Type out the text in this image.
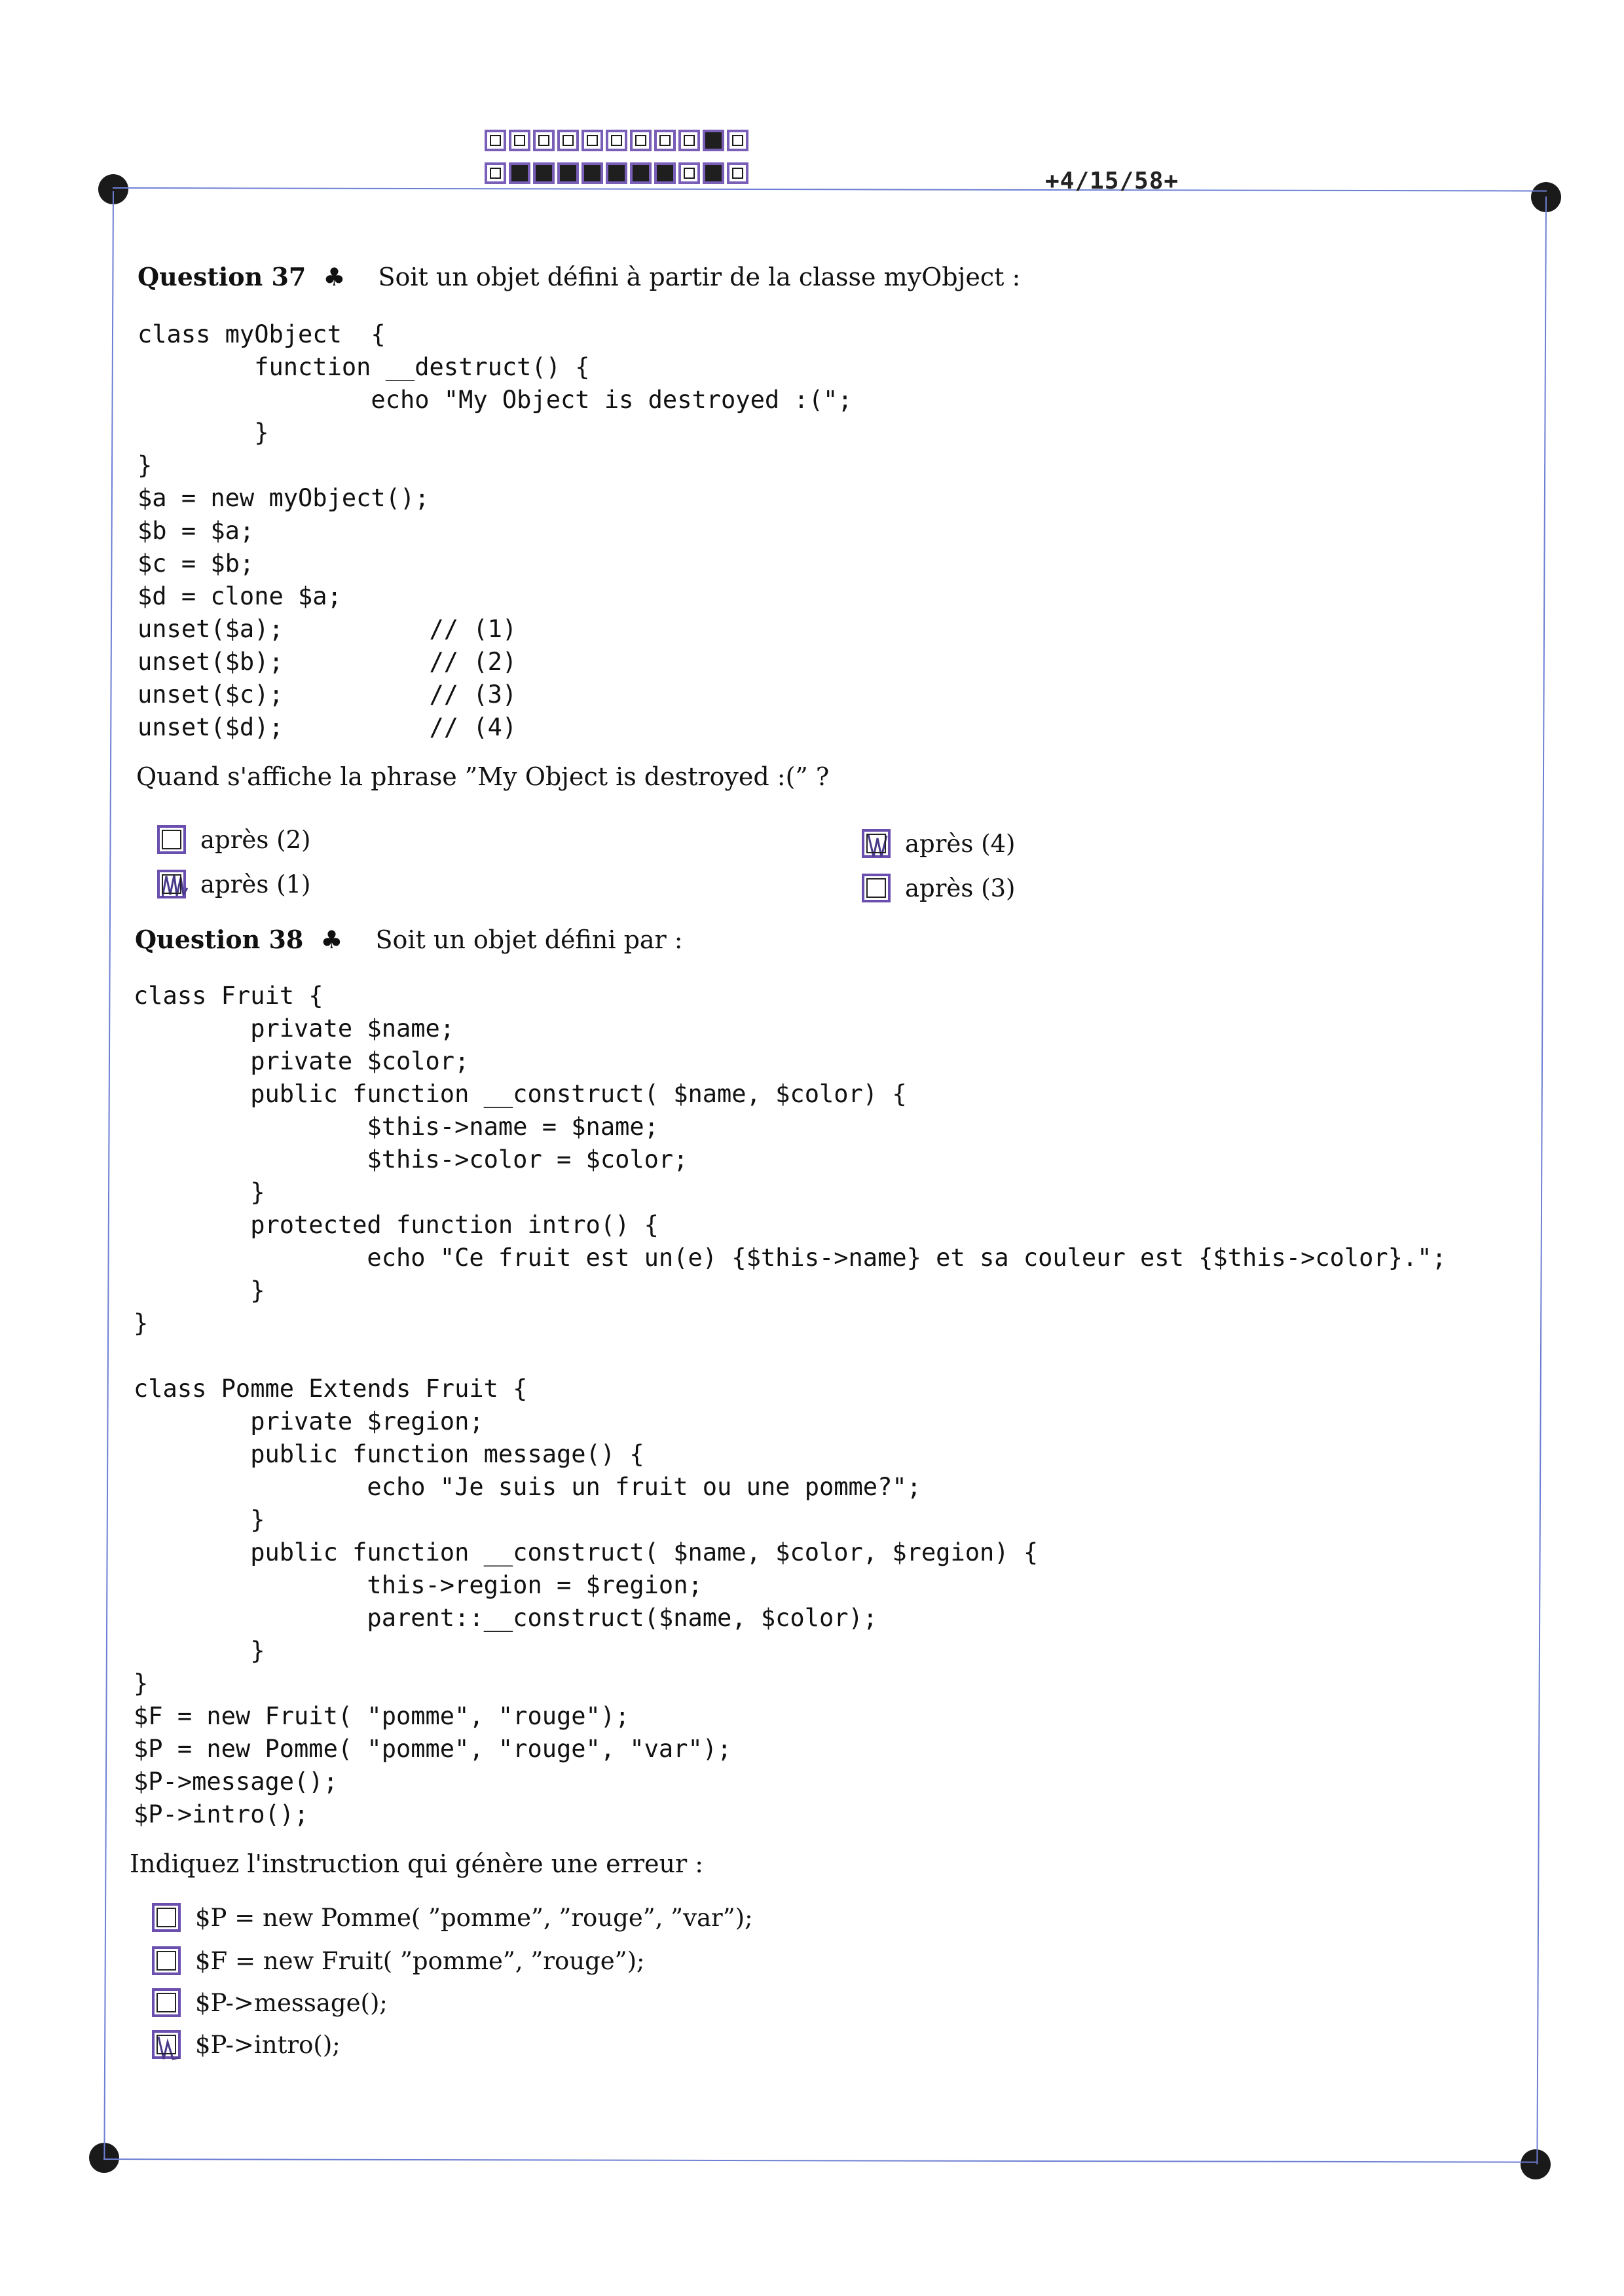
+4/15/58+
Question 37 ♣ Soit un objet défini à partir de la classe myObject :
class myObject  {
function __destruct() {
echo "My Object is destroyed :(";
}
}
$a = new myObject();
$b = $a;
$c = $b;
$d = clone $a;
unset($a);          // (1)
unset($b);          // (2)
unset($c);          // (3)
unset($d);          // (4)
Quand s'affiche la phrase ”My Object is destroyed :(” ?
après (2)
après (1)
après (4)
après (3)
Question 38 ♣ Soit un objet défini par :
class Fruit {
private $name;
private $color;
public function __construct( $name, $color) {
$this->name = $name;
$this->color = $color;
}
protected function intro() {
echo "Ce fruit est un(e) {$this->name} et sa couleur est {$this->color}.";
}
}

class Pomme Extends Fruit {
private $region;
public function message() {
echo "Je suis un fruit ou une pomme?";
}
public function __construct( $name, $color, $region) {
this->region = $region;
parent::__construct($name, $color);
}
}
$F = new Fruit( "pomme", "rouge");
$P = new Pomme( "pomme", "rouge", "var");
$P->message();
$P->intro();
Indiquez l'instruction qui génère une erreur :
$P = new Pomme( ”pomme”, ”rouge”, ”var”);
$F = new Fruit( ”pomme”, ”rouge”);
$P->message();
$P->intro();
